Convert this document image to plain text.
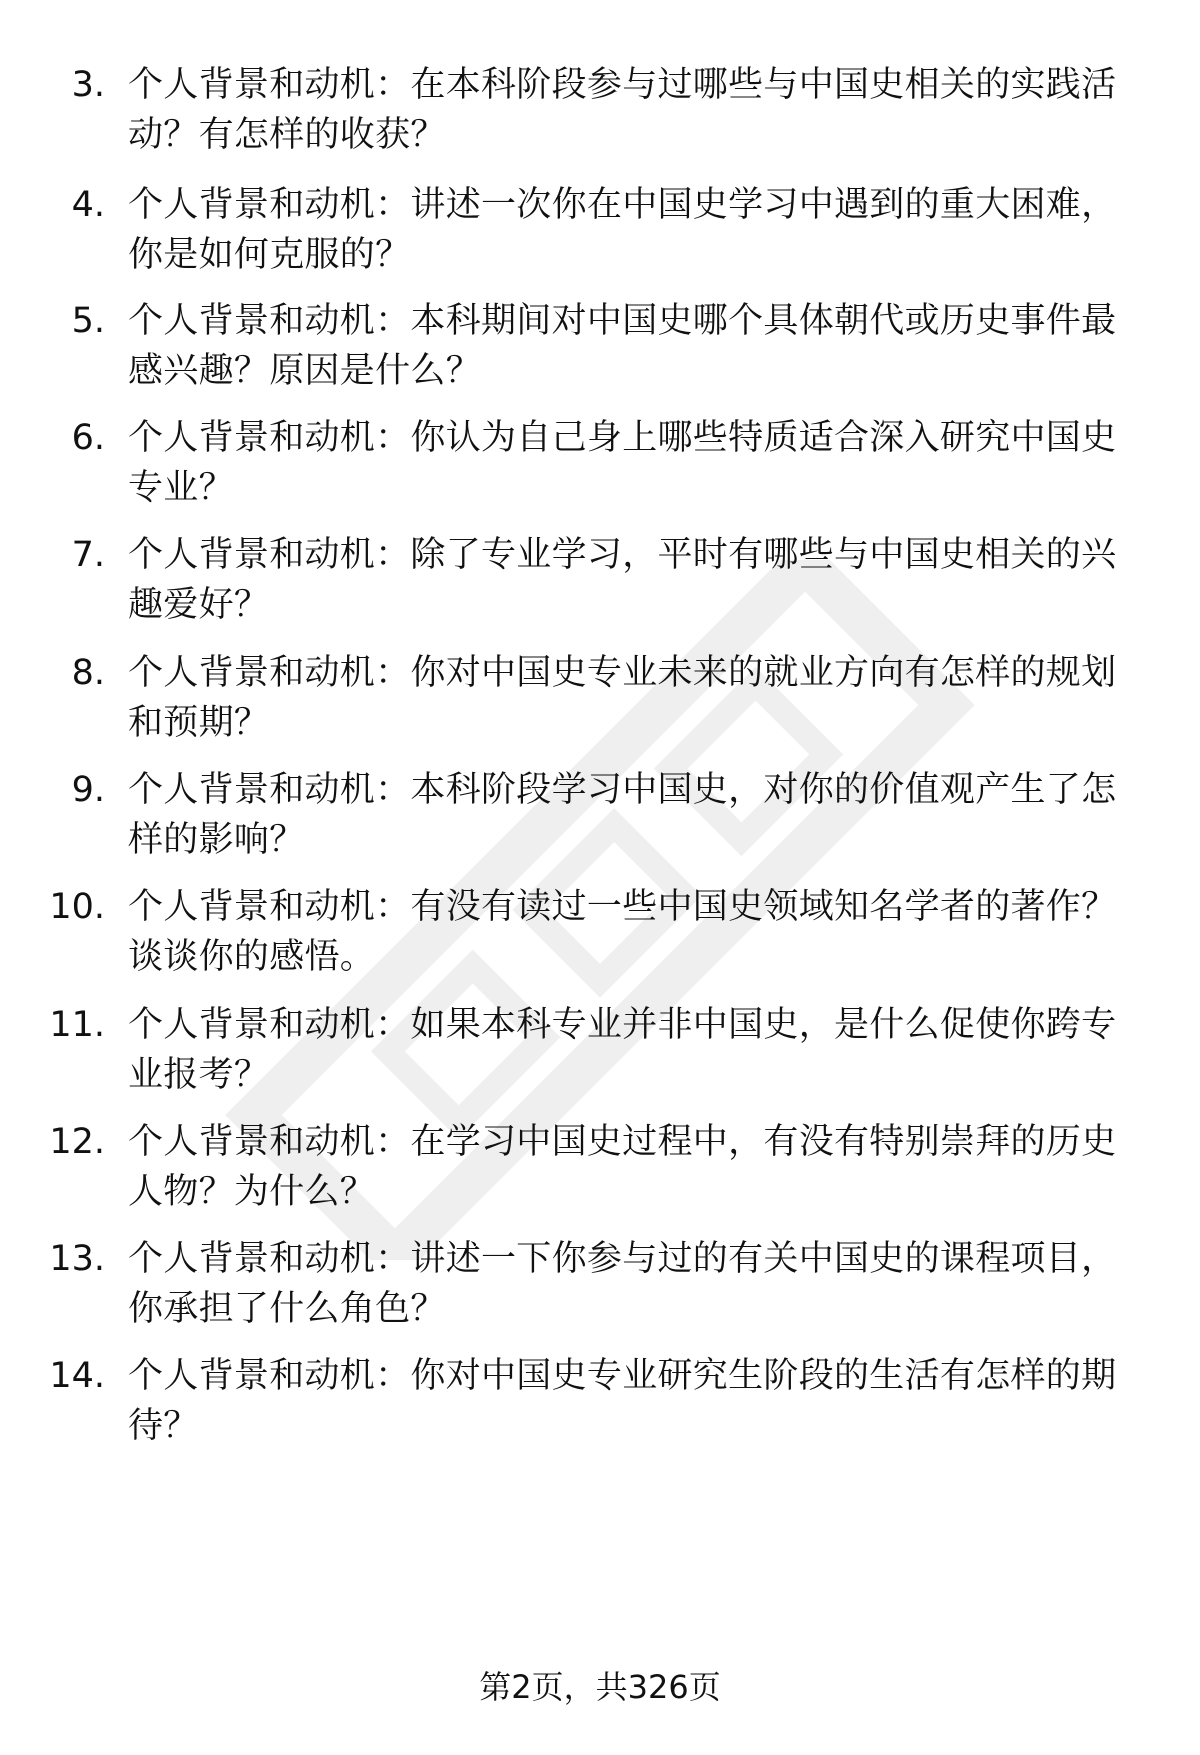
3. 个人背景和动机：在本科阶段参与过哪些与中国史相关的实践活动？有怎样的收获？
4. 个人背景和动机：讲述一次你在中国史学习中遇到的重大困难，你是如何克服的？
5. 个人背景和动机：本科期间对中国史哪个具体朝代或历史事件最感兴趣？原因是什么？
6. 个人背景和动机：你认为自己身上哪些特质适合深入研究中国史专业？
7. 个人背景和动机：除了专业学习，平时有哪些与中国史相关的兴趣爱好？
8. 个人背景和动机：你对中国史专业未来的就业方向有怎样的规划和预期？
9. 个人背景和动机：本科阶段学习中国史，对你的价值观产生了怎样的影响？
10. 个人背景和动机：有没有读过一些中国史领域知名学者的著作？谈谈你的感悟。
11. 个人背景和动机：如果本科专业并非中国史，是什么促使你跨专业报考？
12. 个人背景和动机：在学习中国史过程中，有没有特别崇拜的历史人物？为什么？
13. 个人背景和动机：讲述一下你参与过的有关中国史的课程项目，你承担了什么角色？
14. 个人背景和动机：你对中国史专业研究生阶段的生活有怎样的期待？
第2页，共326页
